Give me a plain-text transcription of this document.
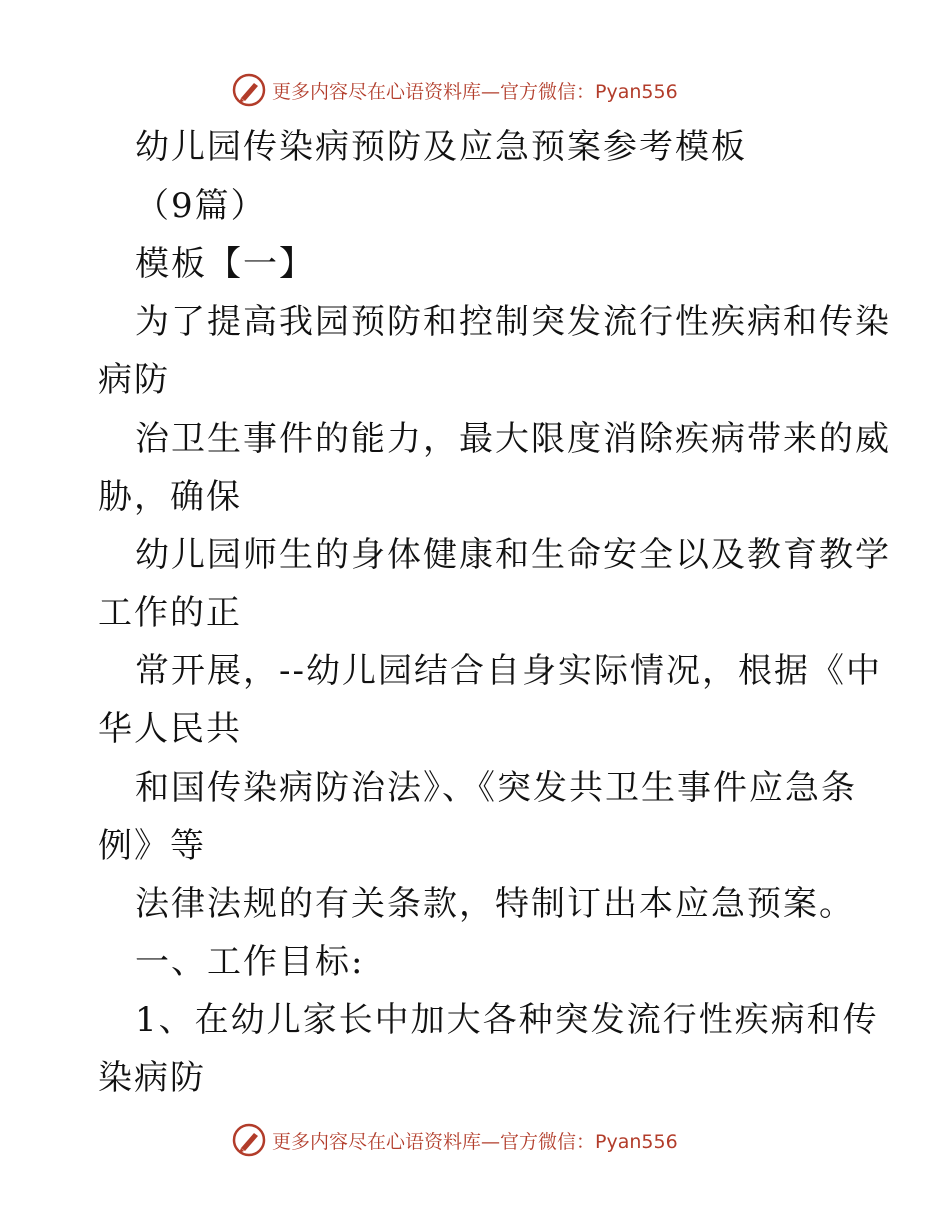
更多内容尽在心语资料库—官方微信：Pyan556
幼儿园传染病预防及应急预案参考模板
（9篇）
模板【一】
为了提高我园预防和控制突发流行性疾病和传染
病防
治卫生事件的能力，最大限度消除疾病带来的威
胁，确保
幼儿园师生的身体健康和生命安全以及教育教学
工作的正
常开展，--幼儿园结合自身实际情况，根据《中
华人民共
和国传染病防治法》、《突发共卫生事件应急条
例》等
法律法规的有关条款，特制订出本应急预案。
一、工作目标:
1、在幼儿家长中加大各种突发流行性疾病和传
染病防
更多内容尽在心语资料库—官方微信：Pyan556
